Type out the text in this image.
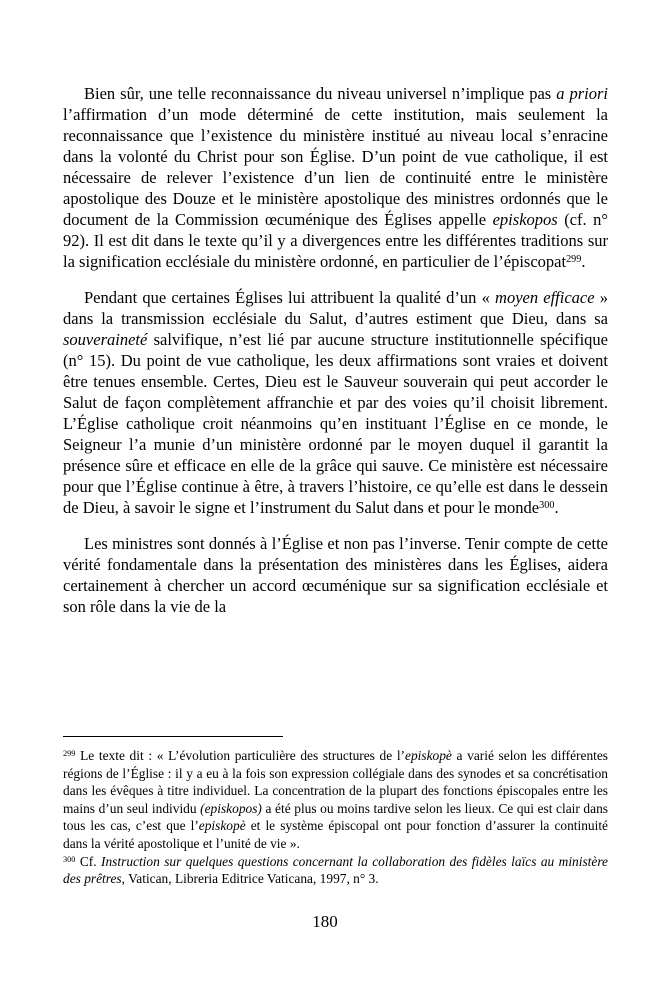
Bien sûr, une telle reconnaissance du niveau universel n’implique pas a priori l’affirmation d’un mode déterminé de cette institution, mais seulement la reconnaissance que l’existence du ministère institué au niveau local s’enracine dans la volonté du Christ pour son Église. D’un point de vue catholique, il est nécessaire de relever l’existence d’un lien de continuité entre le ministère apostolique des Douze et le ministère apostolique des ministres ordonnés que le document de la Commission œcuménique des Églises appelle episkopos (cf. n° 92). Il est dit dans le texte qu’il y a divergences entre les différentes traditions sur la signification ecclésiale du ministère ordonné, en particulier de l’épiscopat$^{299}$.

Pendant que certaines Églises lui attribuent la qualité d’un « moyen efficace » dans la transmission ecclésiale du Salut, d’autres estiment que Dieu, dans sa souveraineté salvifique, n’est lié par aucune structure institutionnelle spécifique (n° 15). Du point de vue catholique, les deux affirmations sont vraies et doivent être tenues ensemble. Certes, Dieu est le Sauveur souverain qui peut accorder le Salut de façon complètement affranchie et par des voies qu’il choisit librement. L’Église catholique croit néanmoins qu’en instituant l’Église en ce monde, le Seigneur l’a munie d’un ministère ordonné par le moyen duquel il garantit la présence sûre et efficace en elle de la grâce qui sauve. Ce ministère est nécessaire pour que l’Église continue à être, à travers l’histoire, ce qu’elle est dans le dessein de Dieu, à savoir le signe et l’instrument du Salut dans et pour le monde$^{300}$.

Les ministres sont donnés à l’Église et non pas l’inverse. Tenir compte de cette vérité fondamentale dans la présentation des ministères dans les Églises, aidera certainement à chercher un accord œcuménique sur sa signification ecclésiale et son rôle dans la vie de la

$^{299}$ Le texte dit : « L’évolution particulière des structures de l’episkopè a varié selon les différentes régions de l’Église : il y a eu à la fois son expression collégiale dans des synodes et sa concrétisation dans les évêques à titre individuel. La concentration de la plupart des fonctions épiscopales entre les mains d’un seul individu (episkopos) a été plus ou moins tardive selon les lieux. Ce qui est clair dans tous les cas, c’est que l’episkopè et le système épiscopal ont pour fonction d’assurer la continuité dans la vérité apostolique et l’unité de vie ».

$^{300}$ Cf. Instruction sur quelques questions concernant la collaboration des fidèles laïcs au ministère des prêtres, Vatican, Libreria Editrice Vaticana, 1997, n° 3.

180
